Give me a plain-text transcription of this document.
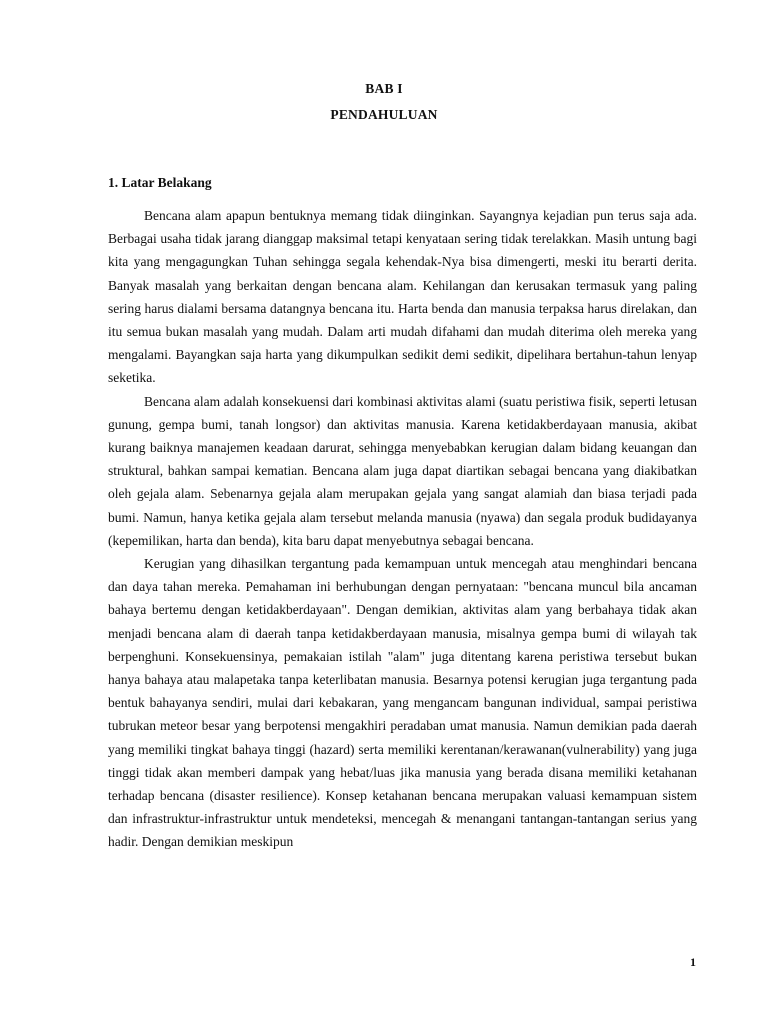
BAB I
PENDAHULUAN
1. Latar Belakang

Bencana alam apapun bentuknya memang tidak diinginkan. Sayangnya kejadian pun terus saja ada. Berbagai usaha tidak jarang dianggap maksimal tetapi kenyataan sering tidak terelakkan. Masih untung bagi kita yang mengagungkan Tuhan sehingga segala kehendak-Nya bisa dimengerti, meski itu berarti derita. Banyak masalah yang berkaitan dengan bencana alam. Kehilangan dan kerusakan termasuk yang paling sering harus dialami bersama datangnya bencana itu. Harta benda dan manusia terpaksa harus direlakan, dan itu semua bukan masalah yang mudah. Dalam arti mudah difahami dan mudah diterima oleh mereka yang mengalami. Bayangkan saja harta yang dikumpulkan sedikit demi sedikit, dipelihara bertahun-tahun lenyap seketika.

Bencana alam adalah konsekuensi dari kombinasi aktivitas alami (suatu peristiwa fisik, seperti letusan gunung, gempa bumi, tanah longsor) dan aktivitas manusia. Karena ketidakberdayaan manusia, akibat kurang baiknya manajemen keadaan darurat, sehingga menyebabkan kerugian dalam bidang keuangan dan struktural, bahkan sampai kematian. Bencana alam juga dapat diartikan sebagai bencana yang diakibatkan oleh gejala alam. Sebenarnya gejala alam merupakan gejala yang sangat alamiah dan biasa terjadi pada bumi. Namun, hanya ketika gejala alam tersebut melanda manusia (nyawa) dan segala produk budidayanya (kepemilikan, harta dan benda), kita baru dapat menyebutnya sebagai bencana.

Kerugian yang dihasilkan tergantung pada kemampuan untuk mencegah atau menghindari bencana dan daya tahan mereka. Pemahaman ini berhubungan dengan pernyataan: "bencana muncul bila ancaman bahaya bertemu dengan ketidakberdayaan". Dengan demikian, aktivitas alam yang berbahaya tidak akan menjadi bencana alam di daerah tanpa ketidakberdayaan manusia, misalnya gempa bumi di wilayah tak berpenghuni. Konsekuensinya, pemakaian istilah "alam" juga ditentang karena peristiwa tersebut bukan hanya bahaya atau malapetaka tanpa keterlibatan manusia. Besarnya potensi kerugian juga tergantung pada bentuk bahayanya sendiri, mulai dari kebakaran, yang mengancam bangunan individual, sampai peristiwa tubrukan meteor besar yang berpotensi mengakhiri peradaban umat manusia. Namun demikian pada daerah yang memiliki tingkat bahaya tinggi (hazard) serta memiliki kerentanan/kerawanan(vulnerability) yang juga tinggi tidak akan memberi dampak yang hebat/luas jika manusia yang berada disana memiliki ketahanan terhadap bencana (disaster resilience). Konsep ketahanan bencana merupakan valuasi kemampuan sistem dan infrastruktur-infrastruktur untuk mendeteksi, mencegah & menangani tantangan-tantangan serius yang hadir. Dengan demikian meskipun

1
